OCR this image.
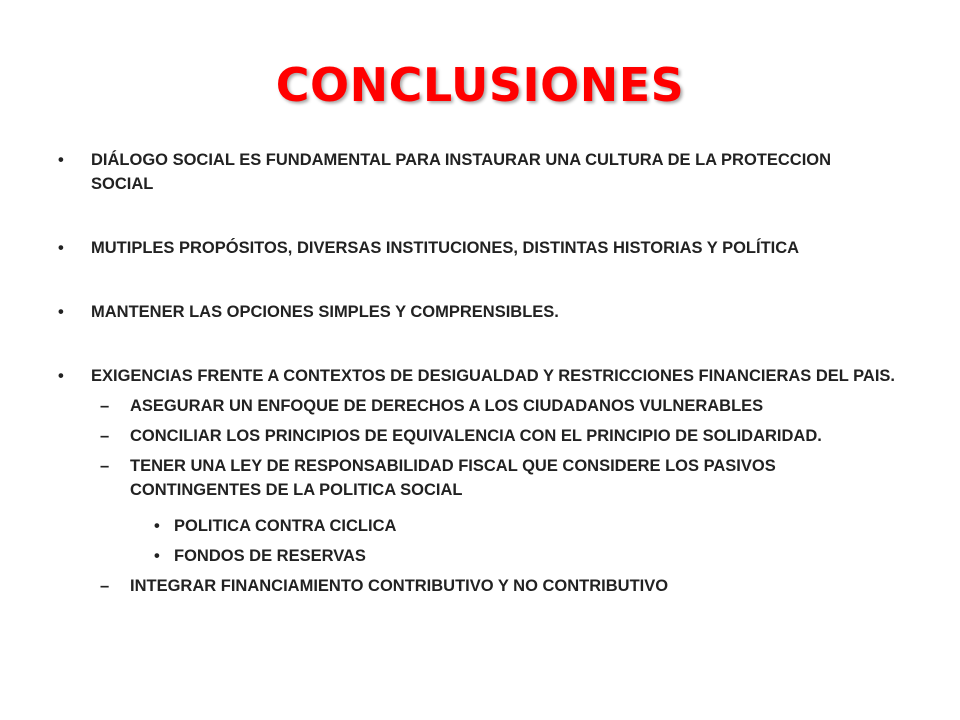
CONCLUSIONES
• DIÁLOGO SOCIAL ES FUNDAMENTAL PARA INSTAURAR UNA CULTURA DE LA PROTECCION SOCIAL
• MUTIPLES PROPÓSITOS, DIVERSAS INSTITUCIONES, DISTINTAS HISTORIAS Y POLÍTICA
• MANTENER LAS OPCIONES SIMPLES Y COMPRENSIBLES.
• EXIGENCIAS FRENTE A CONTEXTOS DE DESIGUALDAD Y RESTRICCIONES FINANCIERAS DEL PAIS.
– ASEGURAR UN ENFOQUE DE DERECHOS A LOS CIUDADANOS VULNERABLES
– CONCILIAR LOS PRINCIPIOS DE EQUIVALENCIA CON EL PRINCIPIO DE SOLIDARIDAD.
– TENER UNA LEY DE RESPONSABILIDAD FISCAL QUE CONSIDERE LOS PASIVOS CONTINGENTES DE LA POLITICA SOCIAL
• POLITICA CONTRA CICLICA
• FONDOS DE RESERVAS
– INTEGRAR FINANCIAMIENTO CONTRIBUTIVO Y NO CONTRIBUTIVO
